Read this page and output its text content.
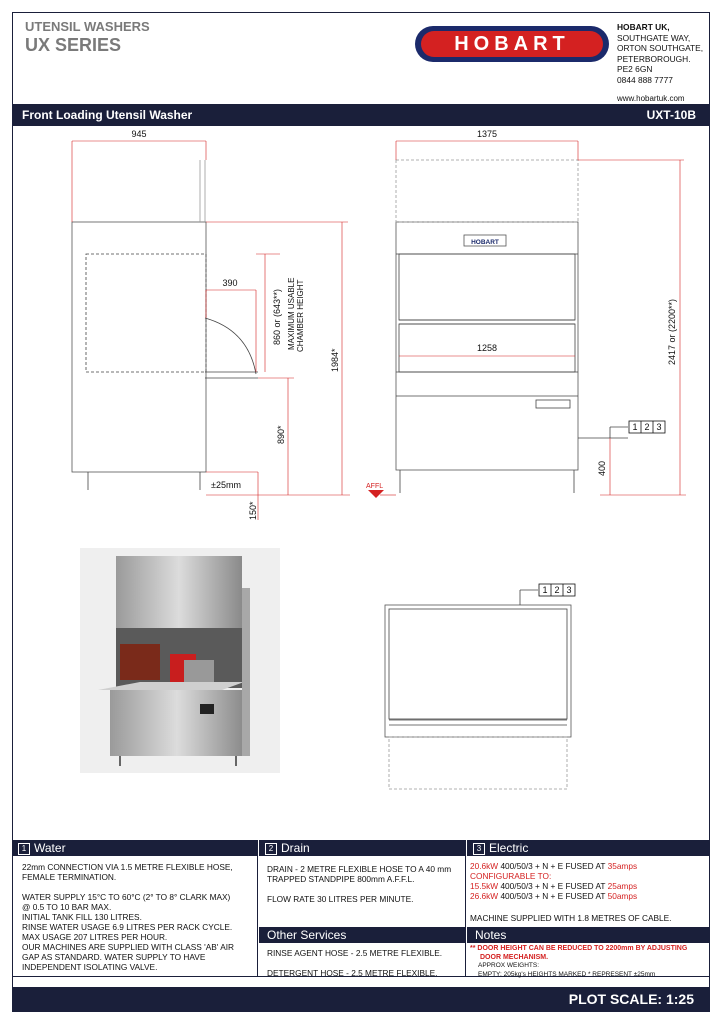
UTENSIL WASHERS
UX SERIES	HOBART
HOBART UK,
SOUTHGATE WAY,
ORTON SOUTHGATE,
PETERBOROUGH.
PE2 6GN
0844 888 7777
www.hobartuk.com
Front Loading Utensil Washer	UXT-10B
945
390
860 or (643**) MAXIMUM USABLE CHAMBER HEIGHT
1984*
890*
±25mm
150*
1375
1258	2417 or (2200**)
400
AFFL
HOBART
1 2 3
1 2 3
1 Water	2 Drain	3 Electric
Other Services	Notes
22mm CONNECTION VIA 1.5 METRE FLEXIBLE HOSE,
FEMALE TERMINATION.
WATER SUPPLY 15°C TO 60°C (2° TO 8° CLARK MAX)
@ 0.5 TO 10 BAR MAX.
INITIAL TANK FILL 130 LITRES.
RINSE WATER USAGE 6.9 LITRES PER RACK CYCLE.
MAX USAGE 207 LITRES PER HOUR.
OUR MACHINES ARE SUPPLIED WITH CLASS 'AB' AIR
GAP AS STANDARD. WATER SUPPLY TO HAVE
INDEPENDENT ISOLATING VALVE.
DRAIN - 2 METRE FLEXIBLE HOSE TO A 40 mm
TRAPPED STANDPIPE 800mm A.F.F.L.
FLOW RATE 30 LITRES PER MINUTE.
RINSE AGENT HOSE - 2.5 METRE FLEXIBLE.
DETERGENT HOSE - 2.5 METRE FLEXIBLE.
20.6kW 400/50/3 + N + E FUSED AT 35amps
CONFIGURABLE TO:
15.5kW 400/50/3 + N + E FUSED AT 25amps
26.6kW 400/50/3 + N + E FUSED AT 50amps
MACHINE SUPPLIED WITH 1.8 METRES OF CABLE.
** DOOR HEIGHT CAN BE REDUCED TO 2200mm BY ADJUSTING
DOOR MECHANISM.
APPROX WEIGHTS:
EMPTY: 205kg's HEIGHTS MARKED * REPRESENT ±25mm
PLOT SCALE: 1:25
